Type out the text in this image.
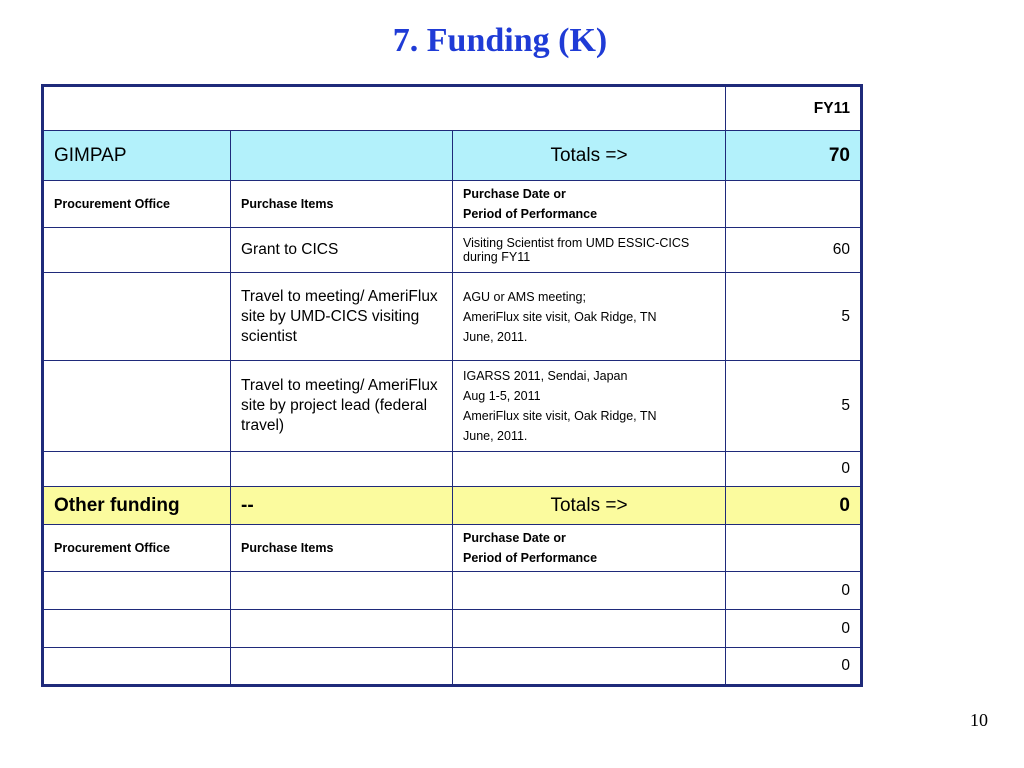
7. Funding (K)
			FY11
GIMPAP		Totals =>	70
Procurement Office	Purchase Items	Purchase Date or
Period of Performance	

	Grant to CICS	Visiting Scientist from UMD ESSIC-CICS during FY11	60
	Travel to meeting/ AmeriFlux site by UMD-CICS visiting scientist	AGU or AMS meeting;
AmeriFlux site visit, Oak Ridge, TN
June, 2011.	5
	Travel to meeting/ AmeriFlux site by project lead (federal travel)	IGARSS 2011, Sendai, Japan
Aug 1-5, 2011
AmeriFlux site visit, Oak Ridge, TN
June, 2011.	5
			0
Other funding	--	Totals =>	0
Procurement Office	Purchase Items	Purchase Date or
Period of Performance	

			0
			0
			0
10
